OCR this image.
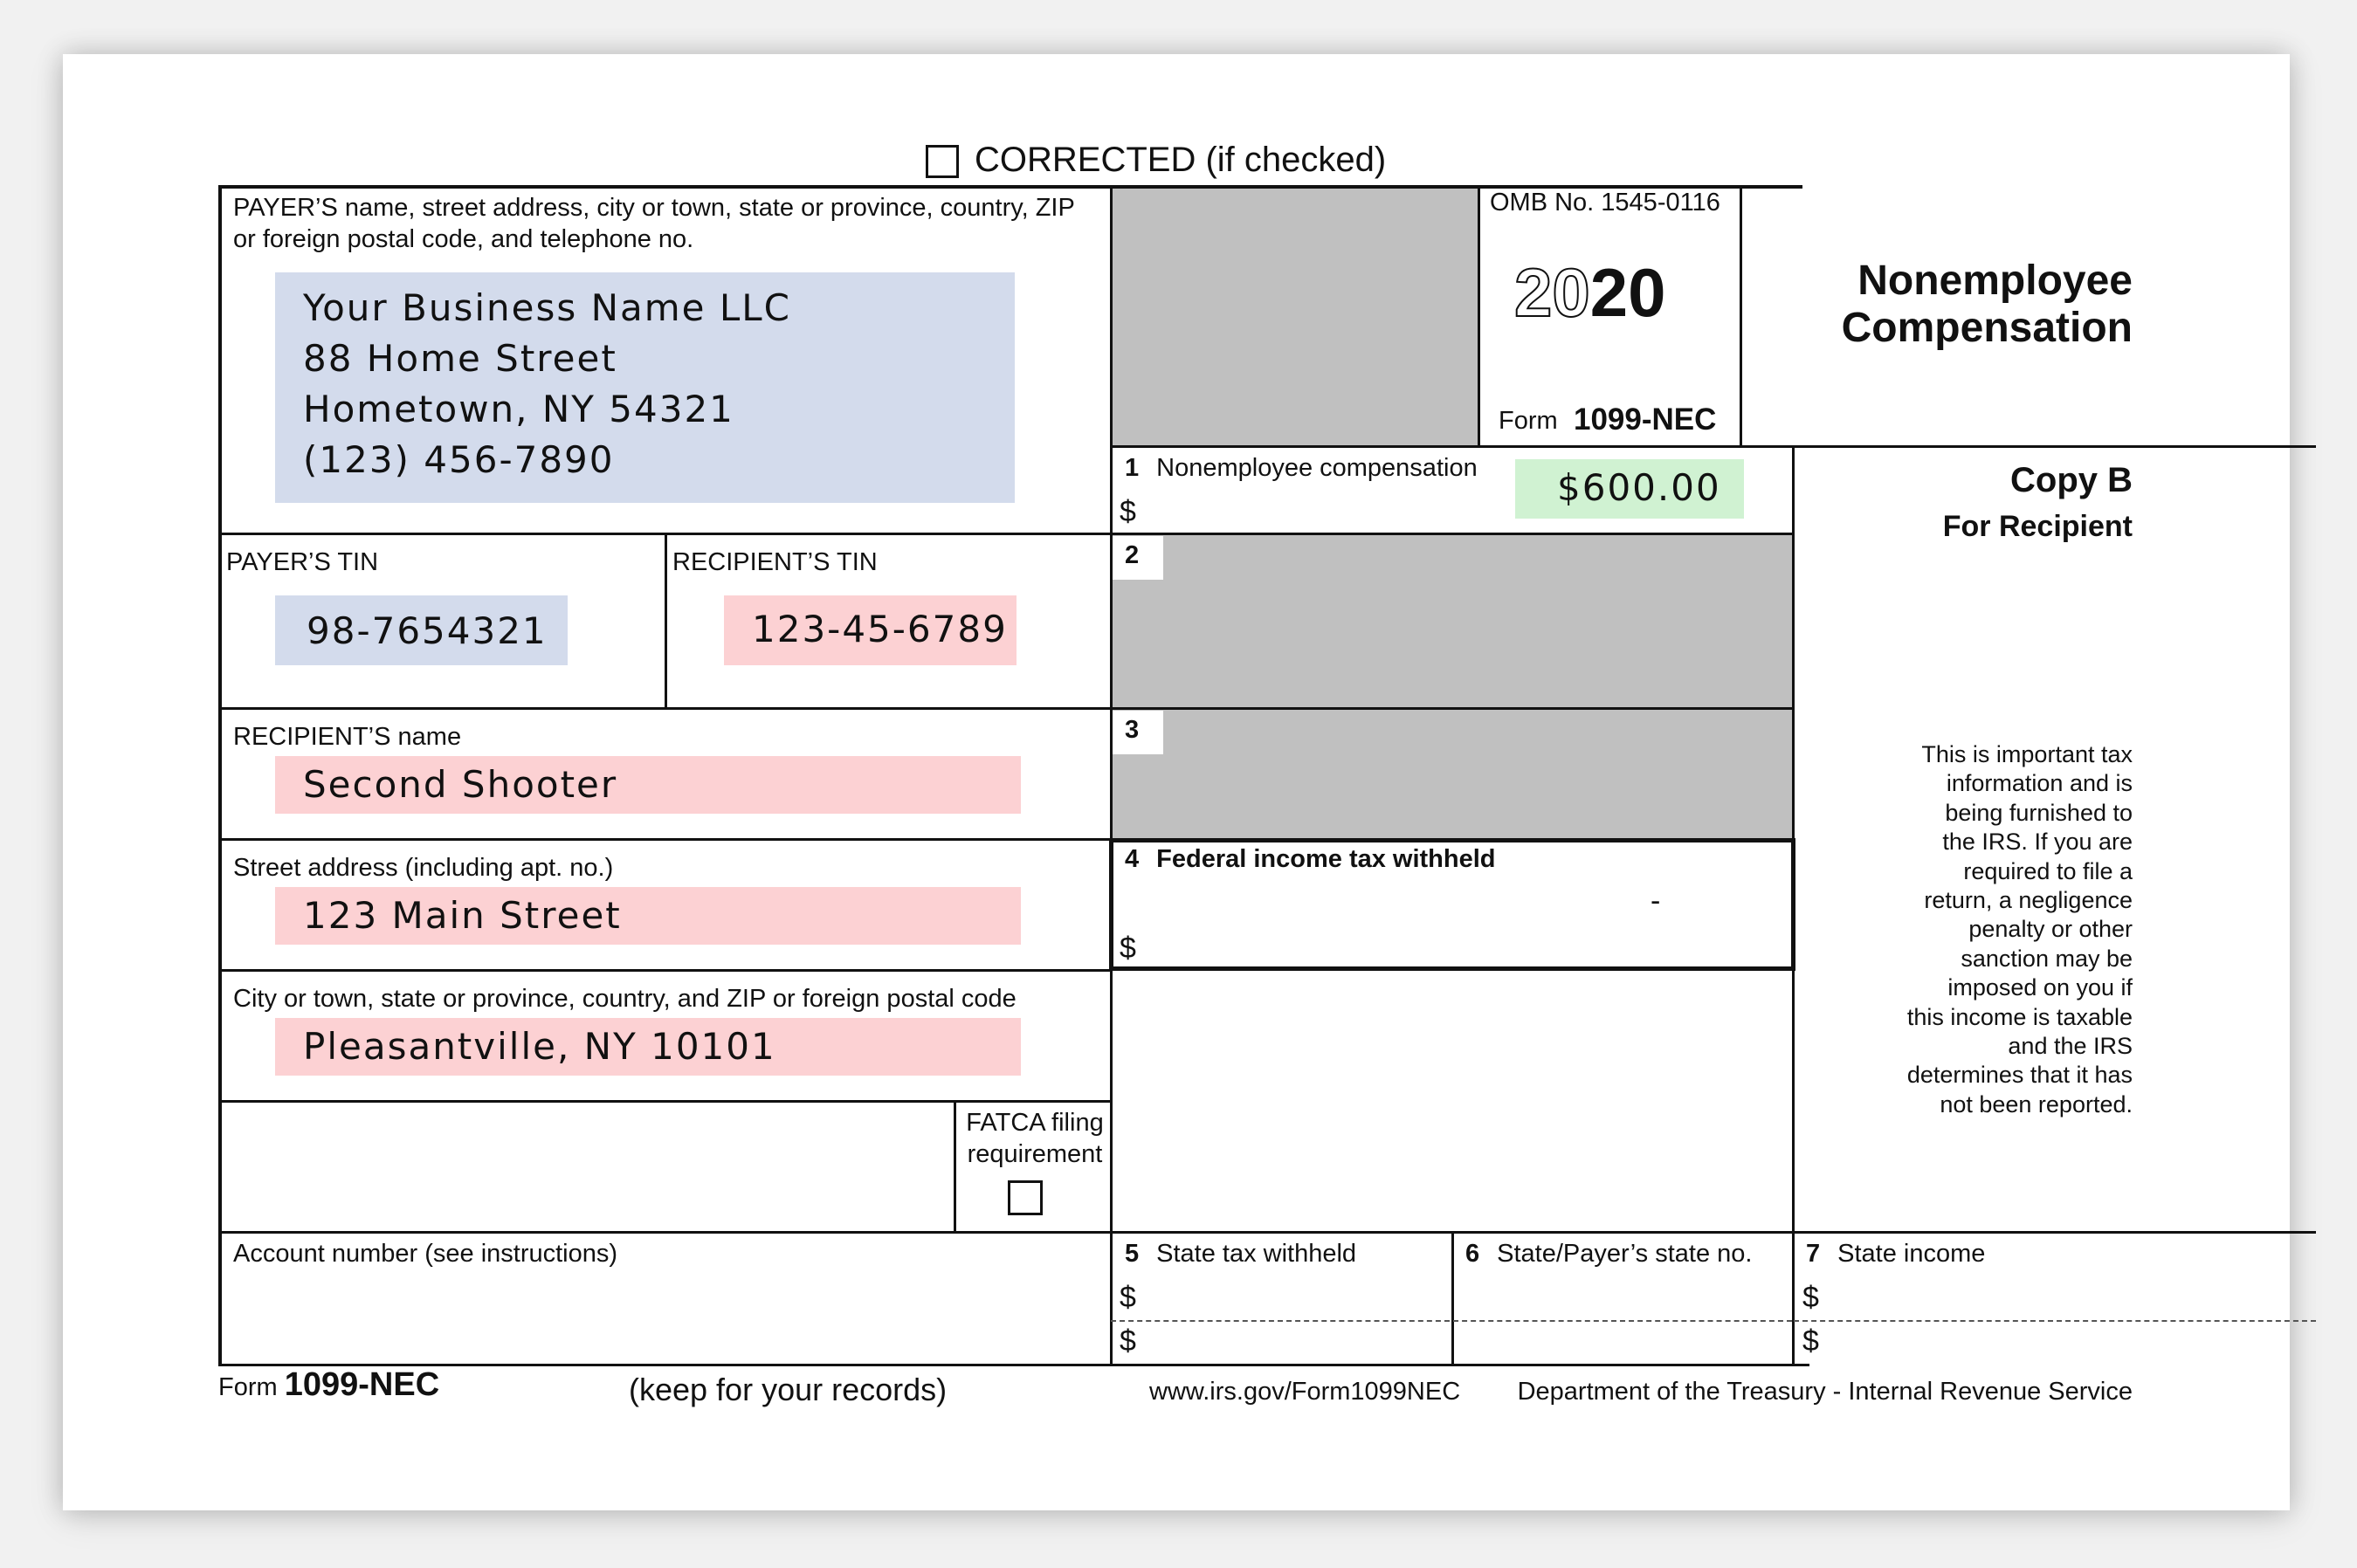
CORRECTED (if checked)
PAYER’S name, street address, city or town, state or province, country, ZIP
or foreign postal code, and telephone no.
Your Business Name LLC
88 Home Street
Hometown, NY 54321
(123) 456-7890
PAYER’S TIN
98-7654321
RECIPIENT’S TIN
123-45-6789
RECIPIENT’S name
Second Shooter
Street address (including apt. no.)
123 Main Street
City or town, state or province, country, and ZIP or foreign postal code
Pleasantville, NY 10101
FATCA filing
requirement
Account number (see instructions)
OMB No. 1545-0116
2020
Form 1099-NEC
Nonemployee
Compensation
Copy B
For Recipient
This is important tax
information and is
being furnished to
the IRS. If you are
required to file a
return, a negligence
penalty or other
sanction may be
imposed on you if
this income is taxable
and the IRS
determines that it has
not been reported.
1 Nonemployee compensation
$
$600.00
2
3
4 Federal income tax withheld
-
$
5 State tax withheld
$
$
6 State/Payer’s state no. 7 State income
$
$
Form 1099-NEC	(keep for your records)	www.irs.gov/Form1099NEC Department of the Treasury - Internal Revenue Service
